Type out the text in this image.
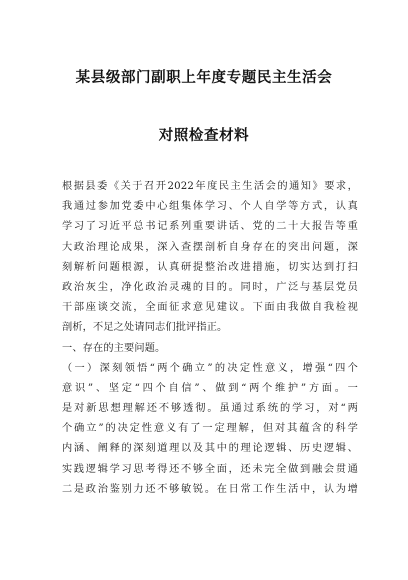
某县级部门副职上年度专题民主生活会
对照检查材料
根据县委《关于召开2022年度民主生活会的通知》要求，
我通过参加党委中心组集体学习、个人自学等方式，认真
学习了习近平总书记系列重要讲话、党的二十大报告等重
大政治理论成果，深入查摆剖析自身存在的突出问题，深
刻解析问题根源，认真研提整治改进措施，切实达到打扫
政治灰尘，净化政治灵魂的目的。同时，广泛与基层党员
干部座谈交流，全面征求意见建议。下面由我做自我检视
剖析，不足之处请同志们批评指正。
一、存在的主要问题。
（一）深刻领悟“两个确立”的决定性意义，增强“四个
意识”、坚定“四个自信”、做到“两个维护”方面。一
是对新思想理解还不够透彻。虽通过系统的学习，对“两
个确立”的决定性意义有了一定理解，但对其蕴含的科学
内涵、阐释的深刻道理以及其中的理论逻辑、历史逻辑、
实践逻辑学习思考得还不够全面，还未完全做到融会贯通
二是政治鉴别力还不够敏锐。在日常工作生活中，认为增
